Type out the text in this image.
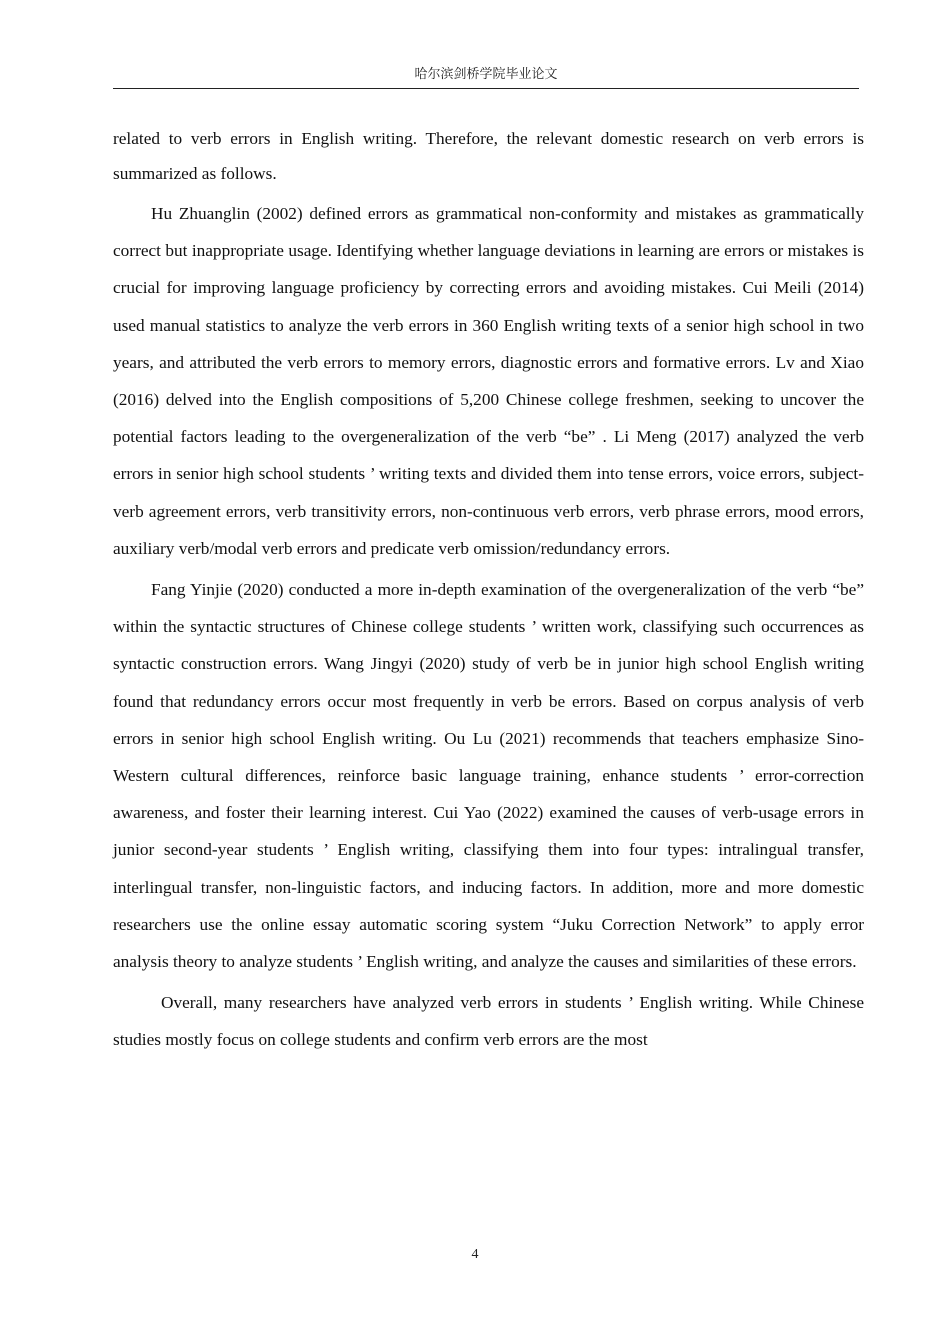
哈尔滨剑桥学院毕业论文

related to verb errors in English writing. Therefore, the relevant domestic research on verb errors is summarized as follows.

Hu Zhuanglin (2002) defined errors as grammatical non-conformity and mistakes as grammatically correct but inappropriate usage. Identifying whether language deviations in learning are errors or mistakes is crucial for improving language proficiency by correcting errors and avoiding mistakes. Cui Meili (2014) used manual statistics to analyze the verb errors in 360 English writing texts of a senior high school in two years, and attributed the verb errors to memory errors, diagnostic errors and formative errors. Lv and Xiao (2016) delved into the English compositions of 5,200 Chinese college freshmen, seeking to uncover the potential factors leading to the overgeneralization of the verb “be” . Li Meng (2017) analyzed the verb errors in senior high school students ’ writing texts and divided them into tense errors, voice errors, subject-verb agreement errors, verb transitivity errors, non-continuous verb errors, verb phrase errors, mood errors, auxiliary verb/modal verb errors and predicate verb omission/redundancy errors.

Fang Yinjie (2020) conducted a more in-depth examination of the overgeneralization of the verb “be” within the syntactic structures of Chinese college students ’ written work, classifying such occurrences as syntactic construction errors. Wang Jingyi (2020) study of verb be in junior high school English writing found that redundancy errors occur most frequently in verb be errors. Based on corpus analysis of verb errors in senior high school English writing. Ou Lu (2021) recommends that teachers emphasize Sino-Western cultural differences, reinforce basic language training, enhance students ’ error-correction awareness, and foster their learning interest. Cui Yao (2022) examined the causes of verb-usage errors in junior second-year students ’ English writing, classifying them into four types: intralingual transfer, interlingual transfer, non-linguistic factors, and inducing factors. In addition, more and more domestic researchers use the online essay automatic scoring system “Juku Correction Network” to apply error analysis theory to analyze students ’ English writing, and analyze the causes and similarities of these errors.

Overall, many researchers have analyzed verb errors in students ’ English writing. While Chinese studies mostly focus on college students and confirm verb errors are the most

4
